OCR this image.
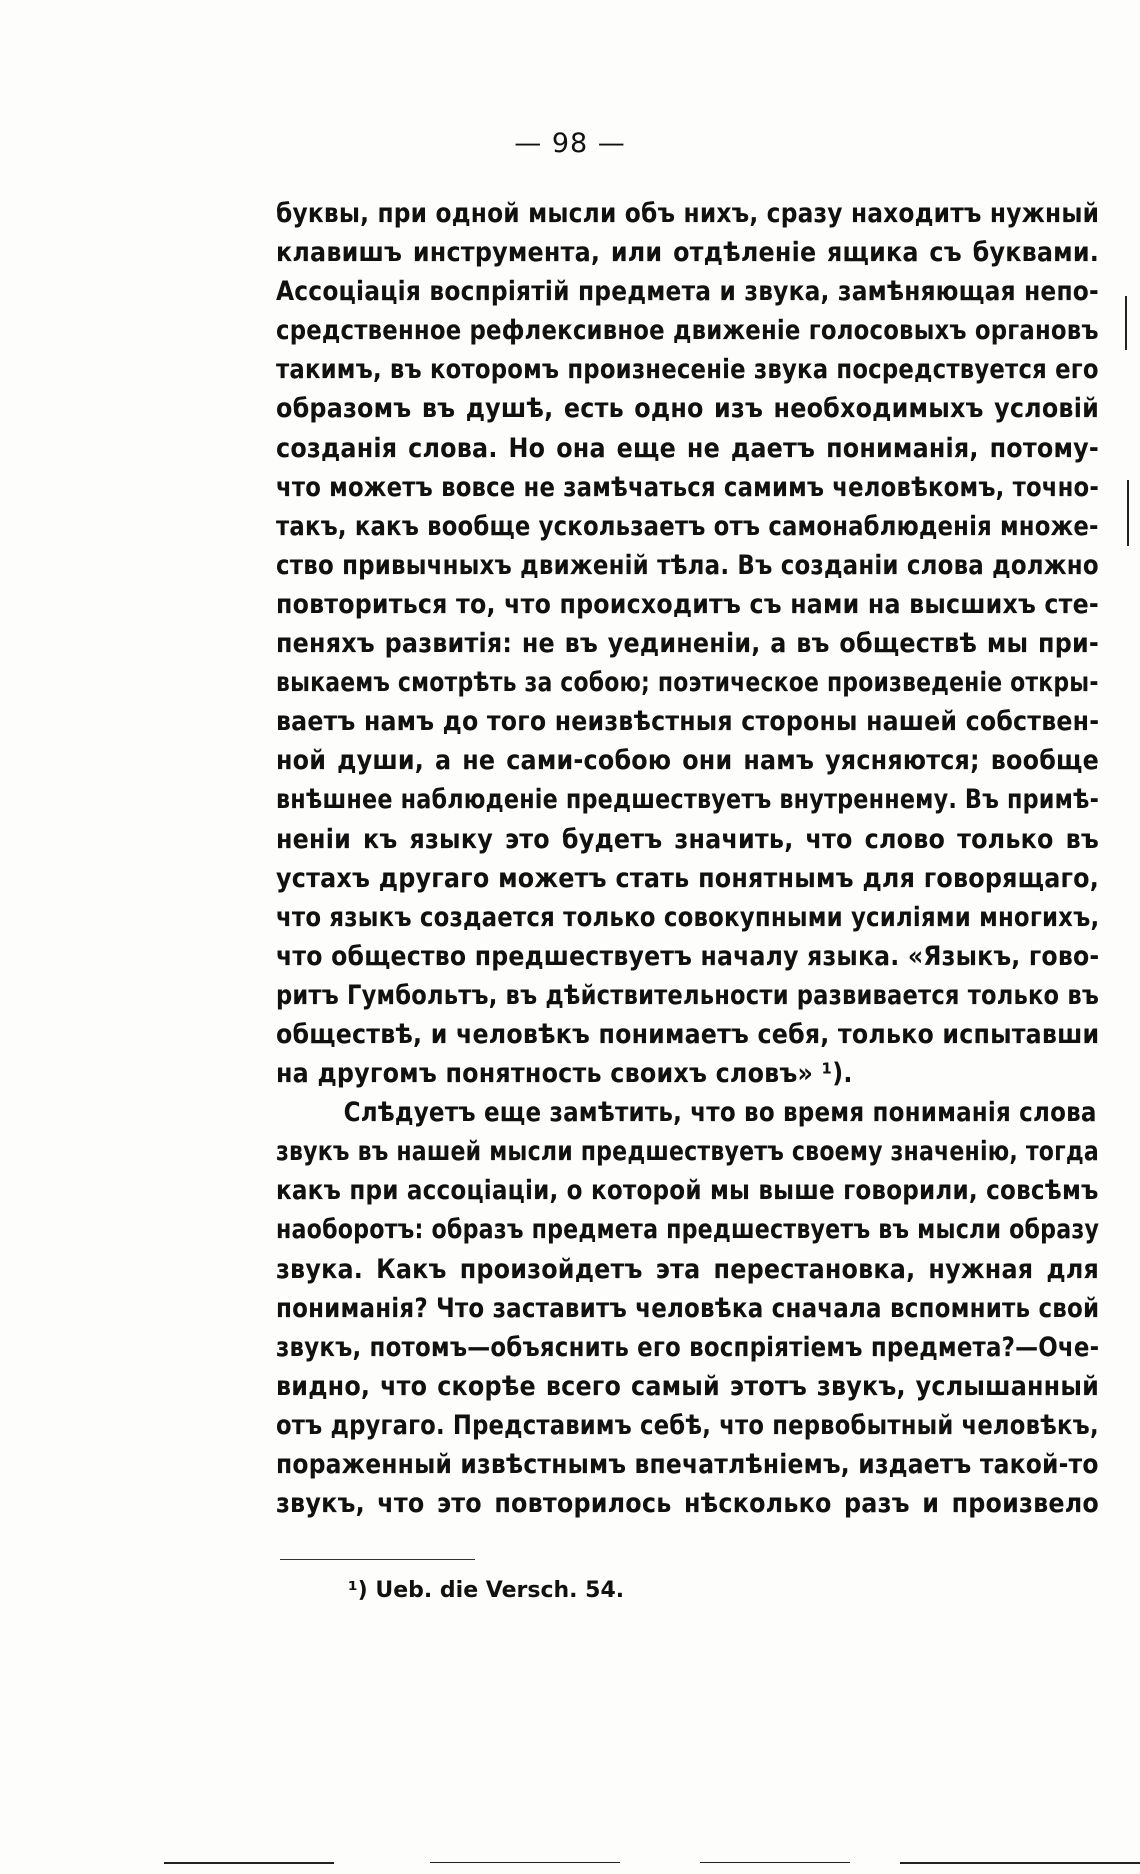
— 98 —
буквы, при одной мысли объ нихъ, сразу находитъ нужный
клавишъ инструмента, или отдѣленіе ящика съ буквами.
Ассоціація воспріятій предмета и звука, замѣняющая непо-
средственное рефлексивное движеніе голосовыхъ органовъ
такимъ, въ которомъ произнесеніе звука посредствуется его
образомъ въ душѣ, есть одно изъ необходимыхъ условій
созданія слова. Но она еще не даетъ пониманія, потому-
что можетъ вовсе не замѣчаться самимъ человѣкомъ, точно-
такъ, какъ вообще ускользаетъ отъ самонаблюденія множе-
ство привычныхъ движеній тѣла. Въ созданіи слова должно
повториться то, что происходитъ съ нами на высшихъ сте-
пеняхъ развитія: не въ уединеніи, а въ обществѣ мы при-
выкаемъ смотрѣть за собою; поэтическое произведеніе откры-
ваетъ намъ до того неизвѣстныя стороны нашей собствен-
ной души, а не сами-собою они намъ уясняются; вообще
внѣшнее наблюденіе предшествуетъ внутреннему. Въ примѣ-
неніи къ языку это будетъ значить, что слово только въ
устахъ другаго можетъ стать понятнымъ для говорящаго,
что языкъ создается только совокупными усиліями многихъ,
что общество предшествуетъ началу языка. «Языкъ, гово-
ритъ Гумбольтъ, въ дѣйствительности развивается только въ
обществѣ, и человѣкъ понимаетъ себя, только испытавши
на другомъ понятность своихъ словъ» ¹).
Слѣдуетъ еще замѣтить, что во время пониманія слова
звукъ въ нашей мысли предшествуетъ своему значенію, тогда
какъ при ассоціаціи, о которой мы выше говорили, совсѣмъ
наоборотъ: образъ предмета предшествуетъ въ мысли образу
звука. Какъ произойдетъ эта перестановка, нужная для
пониманія? Что заставитъ человѣка сначала вспомнить свой
звукъ, потомъ—объяснить его воспріятіемъ предмета?—Оче-
видно, что скорѣе всего самый этотъ звукъ, услышанный
отъ другаго. Представимъ себѣ, что первобытный человѣкъ,
пораженный извѣстнымъ впечатлѣніемъ, издаетъ такой-то
звукъ, что это повторилось нѣсколько разъ и произвело
¹) Ueb. die Versch. 54.
